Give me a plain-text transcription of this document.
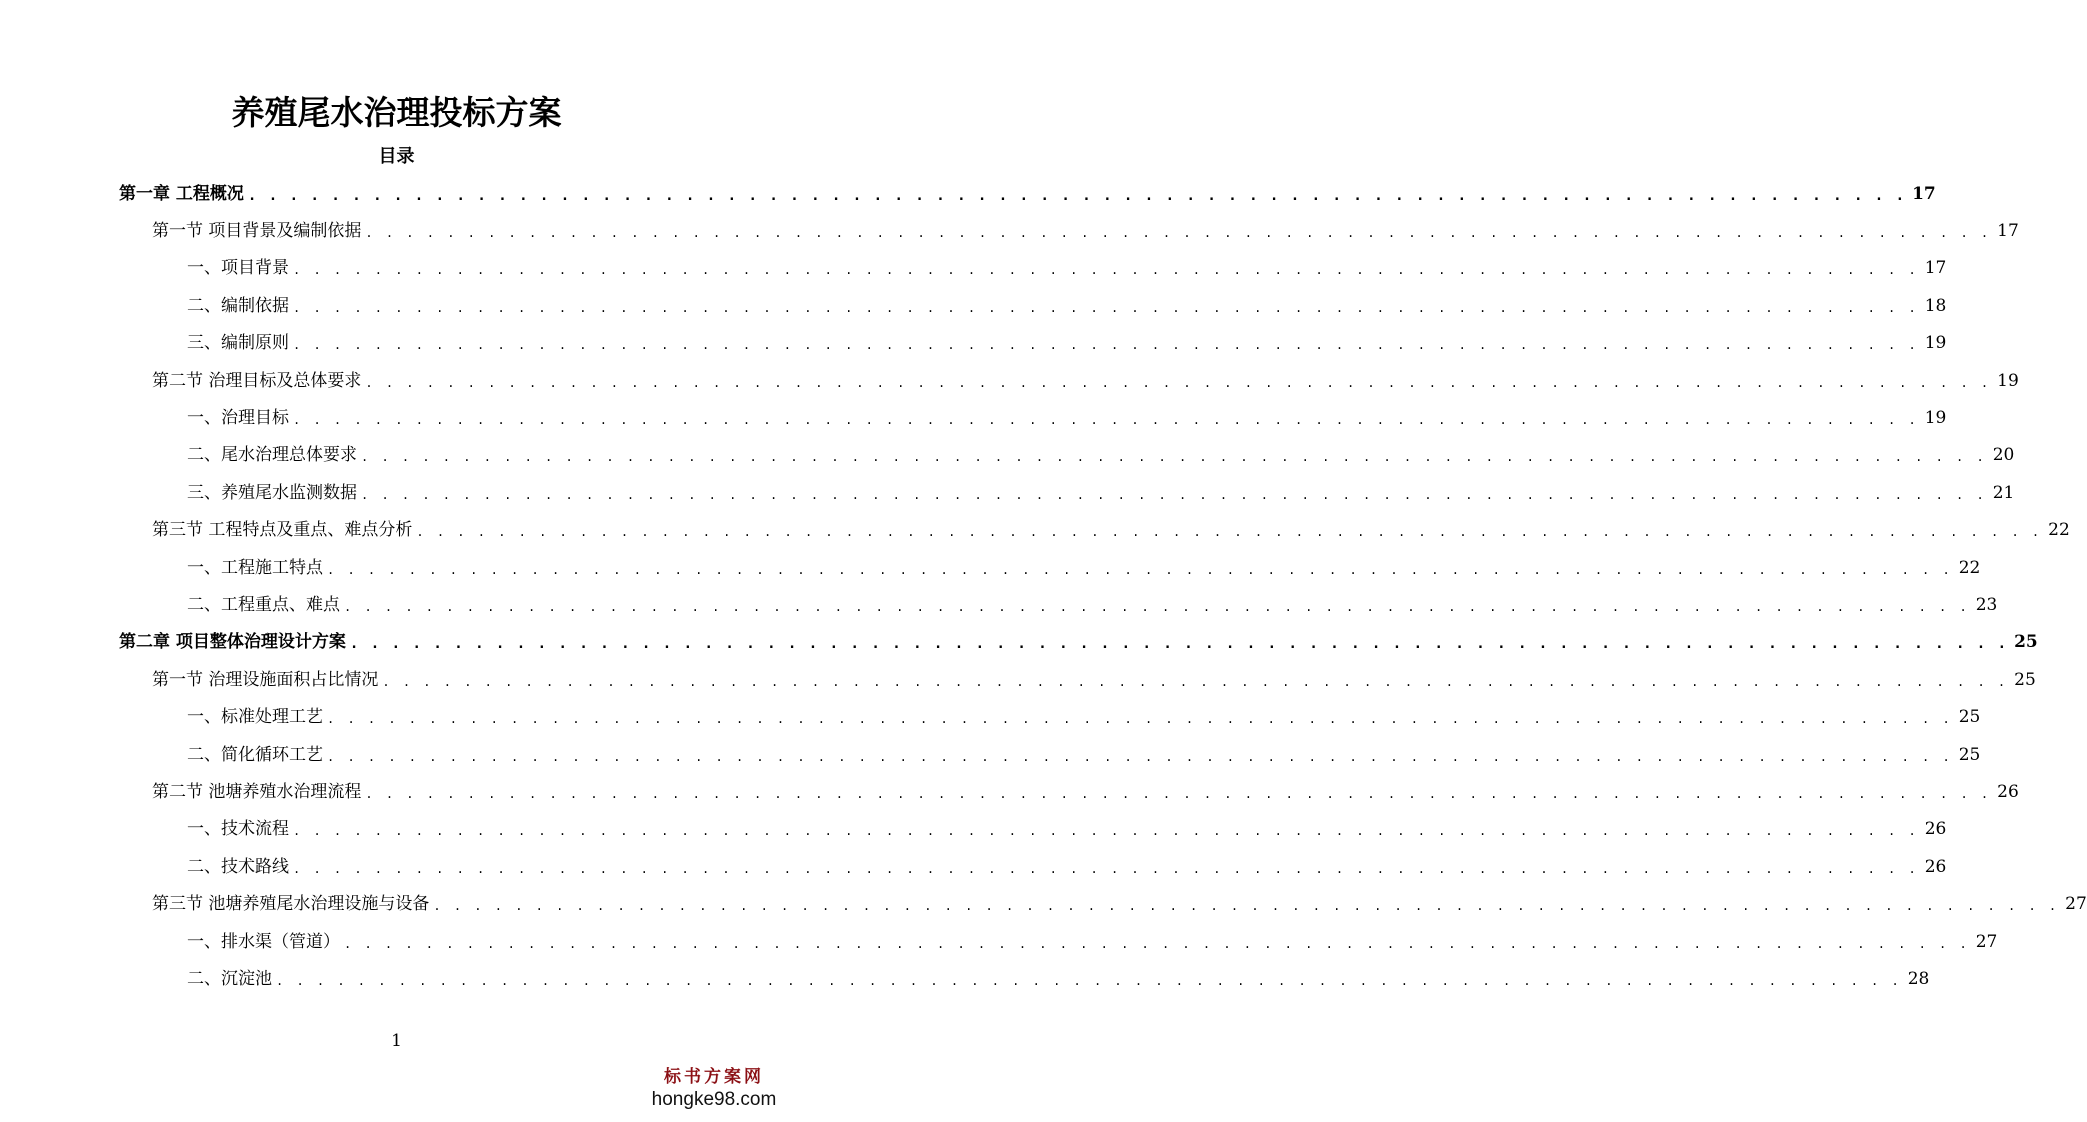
养殖尾水治理投标方案
目录
第一章 工程概况 . . . . . . . . . . . . . . . . . . . . . . . . . . . . . . . . . . . . . . . . . . . . . . . . . . . . . . . . . . . . . . . . . . . . . . . . . . . . . . . . 17
第一节 项目背景及编制依据 . . . . . . . . . . . . . . . . . . . . . . . . . . . . . . . . . . . . . . . . . . . . . . . . . . . . . . . . . . . . . . . . . . . . . . . . . . . . . . . . 17
一、项目背景 . . . . . . . . . . . . . . . . . . . . . . . . . . . . . . . . . . . . . . . . . . . . . . . . . . . . . . . . . . . . . . . . . . . . . . . . . . . . . . . . 17
二、编制依据 . . . . . . . . . . . . . . . . . . . . . . . . . . . . . . . . . . . . . . . . . . . . . . . . . . . . . . . . . . . . . . . . . . . . . . . . . . . . . . . . 18
三、编制原则 . . . . . . . . . . . . . . . . . . . . . . . . . . . . . . . . . . . . . . . . . . . . . . . . . . . . . . . . . . . . . . . . . . . . . . . . . . . . . . . . 19
第二节 治理目标及总体要求 . . . . . . . . . . . . . . . . . . . . . . . . . . . . . . . . . . . . . . . . . . . . . . . . . . . . . . . . . . . . . . . . . . . . . . . . . . . . . . . . 19
一、治理目标 . . . . . . . . . . . . . . . . . . . . . . . . . . . . . . . . . . . . . . . . . . . . . . . . . . . . . . . . . . . . . . . . . . . . . . . . . . . . . . . . 19
二、尾水治理总体要求 . . . . . . . . . . . . . . . . . . . . . . . . . . . . . . . . . . . . . . . . . . . . . . . . . . . . . . . . . . . . . . . . . . . . . . . . . . . . . . . . 20
三、养殖尾水监测数据 . . . . . . . . . . . . . . . . . . . . . . . . . . . . . . . . . . . . . . . . . . . . . . . . . . . . . . . . . . . . . . . . . . . . . . . . . . . . . . . . 21
第三节 工程特点及重点、难点分析 . . . . . . . . . . . . . . . . . . . . . . . . . . . . . . . . . . . . . . . . . . . . . . . . . . . . . . . . . . . . . . . . . . . . . . . . . . . . . . . . 22
一、工程施工特点 . . . . . . . . . . . . . . . . . . . . . . . . . . . . . . . . . . . . . . . . . . . . . . . . . . . . . . . . . . . . . . . . . . . . . . . . . . . . . . . . 22
二、工程重点、难点 . . . . . . . . . . . . . . . . . . . . . . . . . . . . . . . . . . . . . . . . . . . . . . . . . . . . . . . . . . . . . . . . . . . . . . . . . . . . . . . . 23
第二章 项目整体治理设计方案 . . . . . . . . . . . . . . . . . . . . . . . . . . . . . . . . . . . . . . . . . . . . . . . . . . . . . . . . . . . . . . . . . . . . . . . . . . . . . . . . 25
第一节 治理设施面积占比情况 . . . . . . . . . . . . . . . . . . . . . . . . . . . . . . . . . . . . . . . . . . . . . . . . . . . . . . . . . . . . . . . . . . . . . . . . . . . . . . . . 25
一、标准处理工艺 . . . . . . . . . . . . . . . . . . . . . . . . . . . . . . . . . . . . . . . . . . . . . . . . . . . . . . . . . . . . . . . . . . . . . . . . . . . . . . . . 25
二、简化循环工艺 . . . . . . . . . . . . . . . . . . . . . . . . . . . . . . . . . . . . . . . . . . . . . . . . . . . . . . . . . . . . . . . . . . . . . . . . . . . . . . . . 25
第二节 池塘养殖水治理流程 . . . . . . . . . . . . . . . . . . . . . . . . . . . . . . . . . . . . . . . . . . . . . . . . . . . . . . . . . . . . . . . . . . . . . . . . . . . . . . . . 26
一、技术流程 . . . . . . . . . . . . . . . . . . . . . . . . . . . . . . . . . . . . . . . . . . . . . . . . . . . . . . . . . . . . . . . . . . . . . . . . . . . . . . . . 26
二、技术路线 . . . . . . . . . . . . . . . . . . . . . . . . . . . . . . . . . . . . . . . . . . . . . . . . . . . . . . . . . . . . . . . . . . . . . . . . . . . . . . . . 26
第三节 池塘养殖尾水治理设施与设备 . . . . . . . . . . . . . . . . . . . . . . . . . . . . . . . . . . . . . . . . . . . . . . . . . . . . . . . . . . . . . . . . . . . . . . . . . . . . . . . . 27
一、排水渠（管道） . . . . . . . . . . . . . . . . . . . . . . . . . . . . . . . . . . . . . . . . . . . . . . . . . . . . . . . . . . . . . . . . . . . . . . . . . . . . . . . . 27
二、沉淀池 . . . . . . . . . . . . . . . . . . . . . . . . . . . . . . . . . . . . . . . . . . . . . . . . . . . . . . . . . . . . . . . . . . . . . . . . . . . . . . . . 28
1
标书方案网
hongke98.com
